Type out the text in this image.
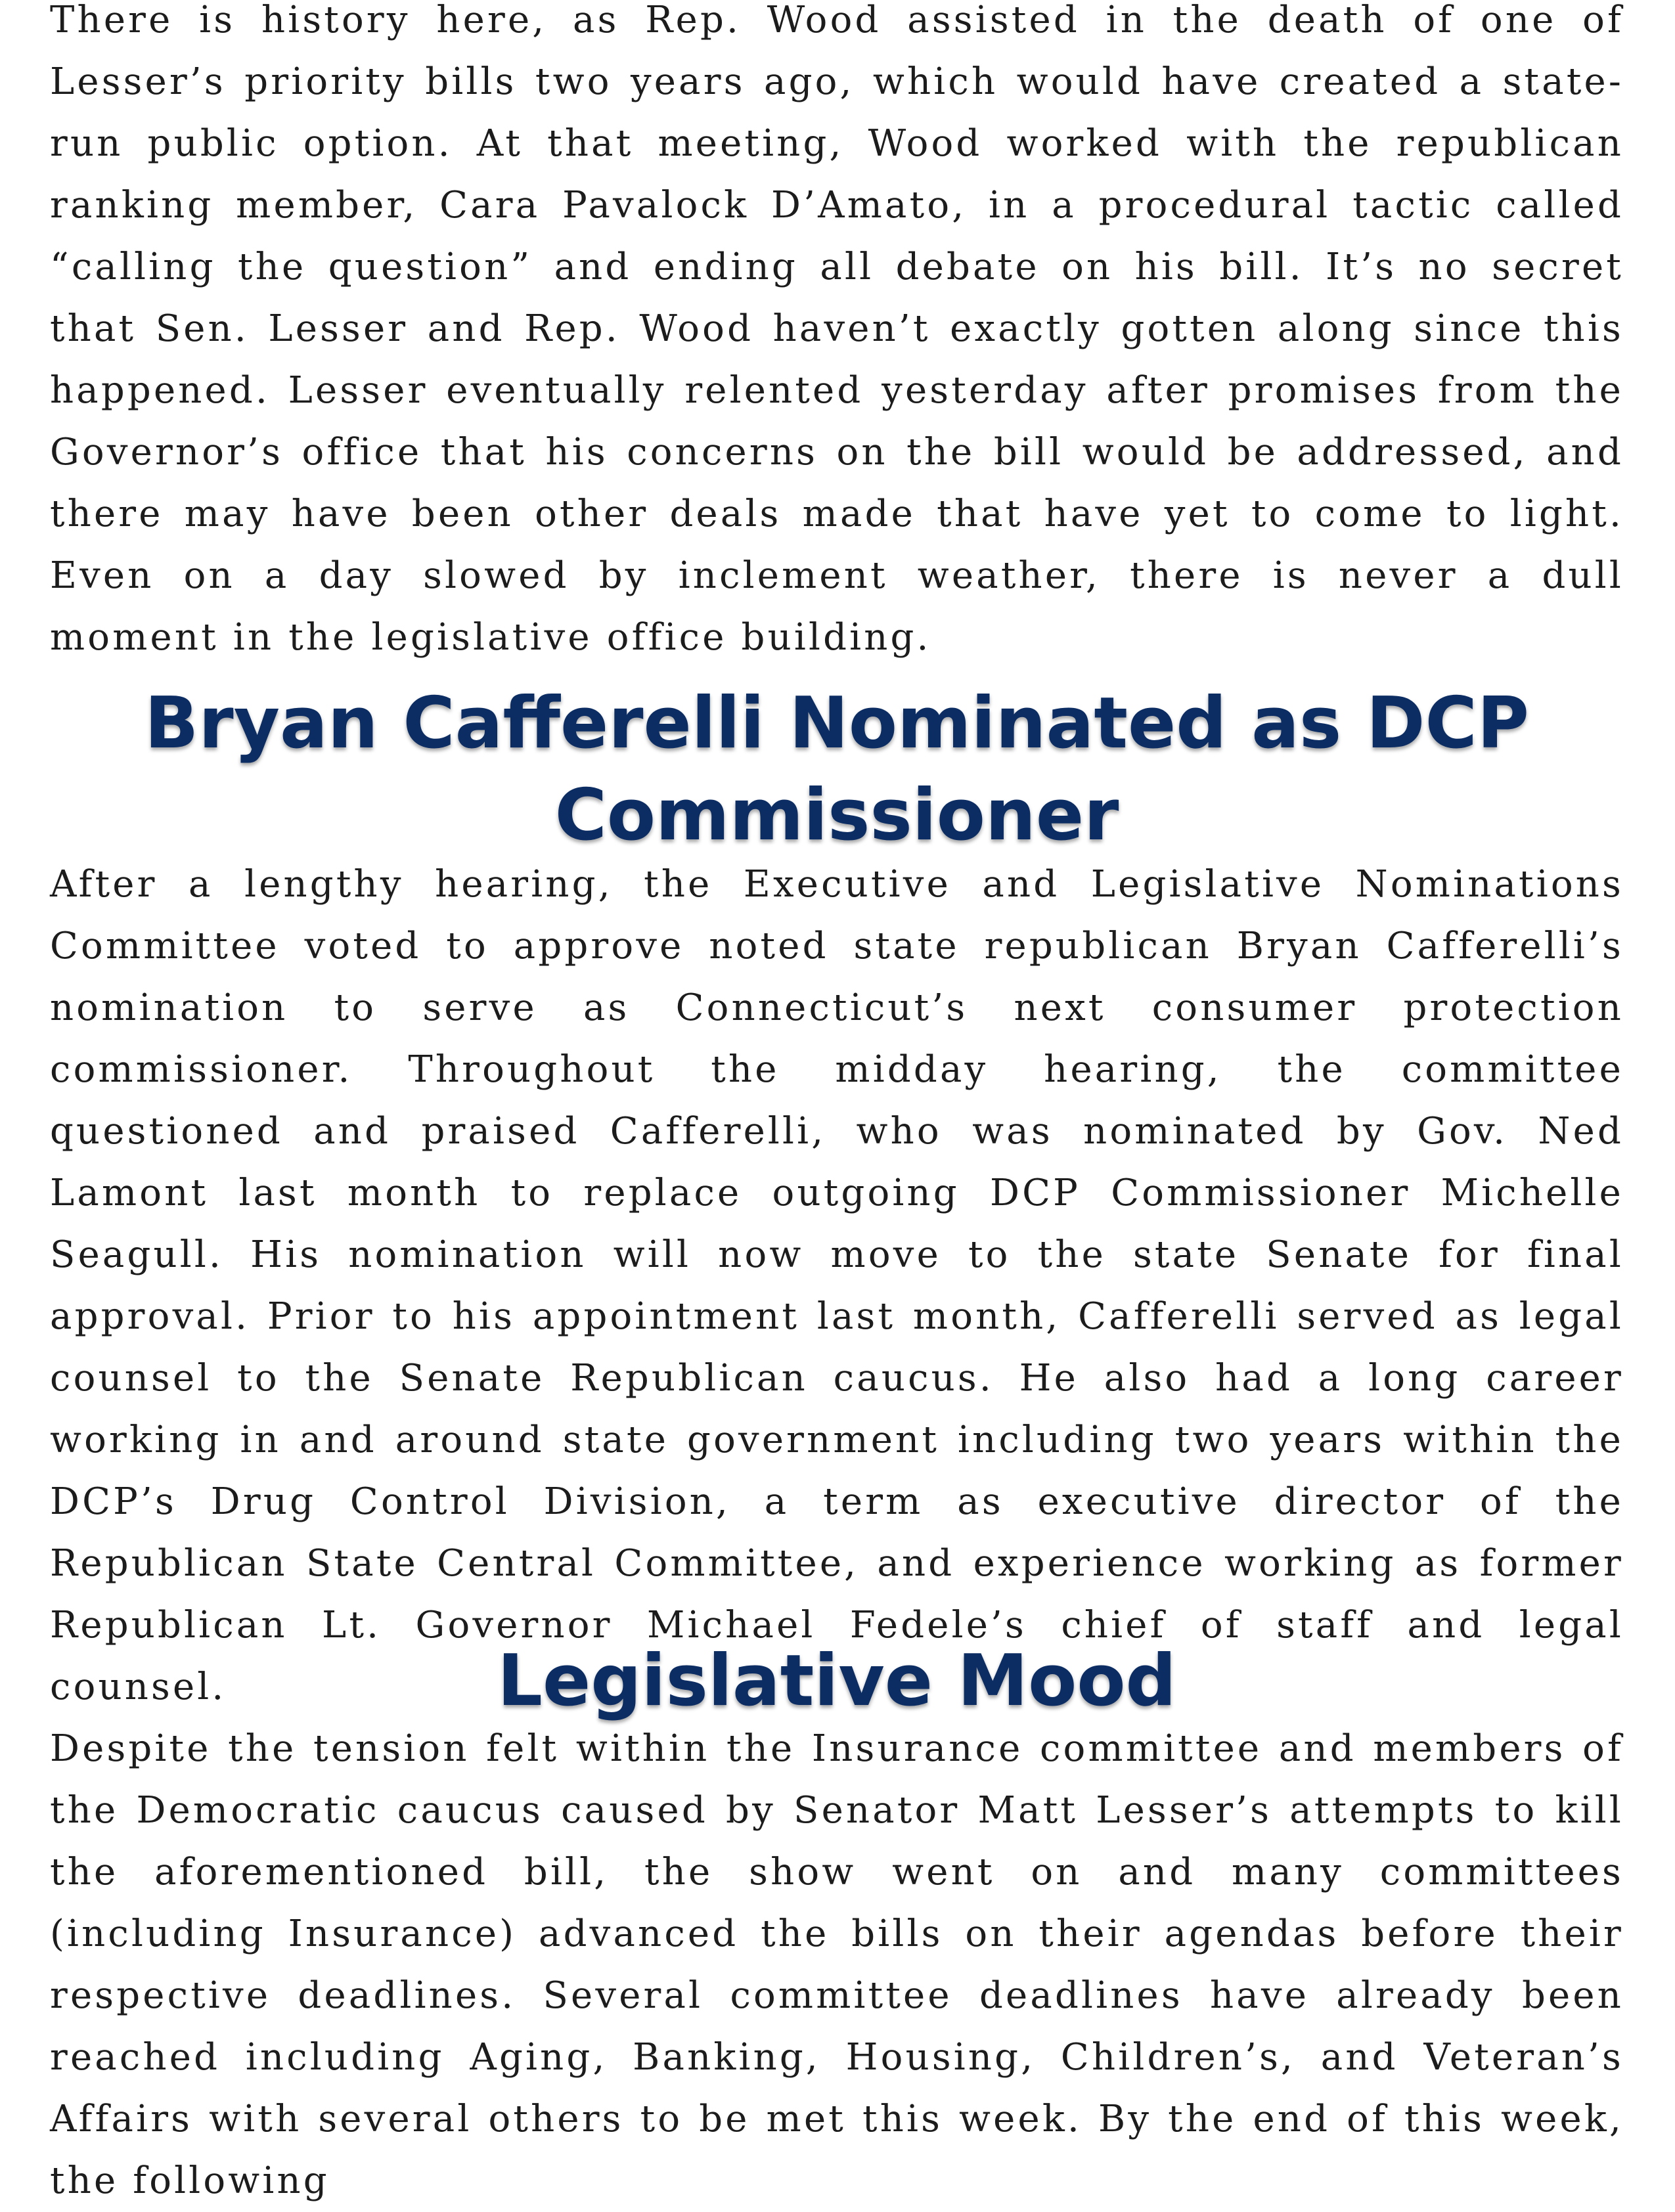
There is history here, as Rep. Wood assisted in the death of one of Lesser’s priority bills two years ago, which would have created a state-run public option. At that meeting, Wood worked with the republican ranking member, Cara Pavalock D’Amato, in a procedural tactic called “calling the question” and ending all debate on his bill. It’s no secret that Sen. Lesser and Rep. Wood haven’t exactly gotten along since this happened. Lesser eventually relented yesterday after promises from the Governor’s office that his concerns on the bill would be addressed, and there may have been other deals made that have yet to come to light. Even on a day slowed by inclement weather, there is never a dull moment in the legislative office building.

Bryan Cafferelli Nominated as DCP Commissioner

After a lengthy hearing, the Executive and Legislative Nominations Committee voted to approve noted state republican Bryan Cafferelli’s nomination to serve as Connecticut’s next consumer protection commissioner. Throughout the midday hearing, the committee questioned and praised Cafferelli, who was nominated by Gov. Ned Lamont last month to replace outgoing DCP Commissioner Michelle Seagull. His nomination will now move to the state Senate for final approval. Prior to his appointment last month, Cafferelli served as legal counsel to the Senate Republican caucus. He also had a long career working in and around state government including two years within the DCP’s Drug Control Division, a term as executive director of the Republican State Central Committee, and experience working as former Republican Lt. Governor Michael Fedele’s chief of staff and legal counsel.	Legislative Mood

Despite the tension felt within the Insurance committee and members of the Democratic caucus caused by Senator Matt Lesser’s attempts to kill the aforementioned bill, the show went on and many committees (including Insurance) advanced the bills on their agendas before their respective deadlines. Several committee deadlines have already been reached including Aging, Banking, Housing, Children’s, and Veteran’s Affairs with several others to be met this week. By the end of this week, the following
